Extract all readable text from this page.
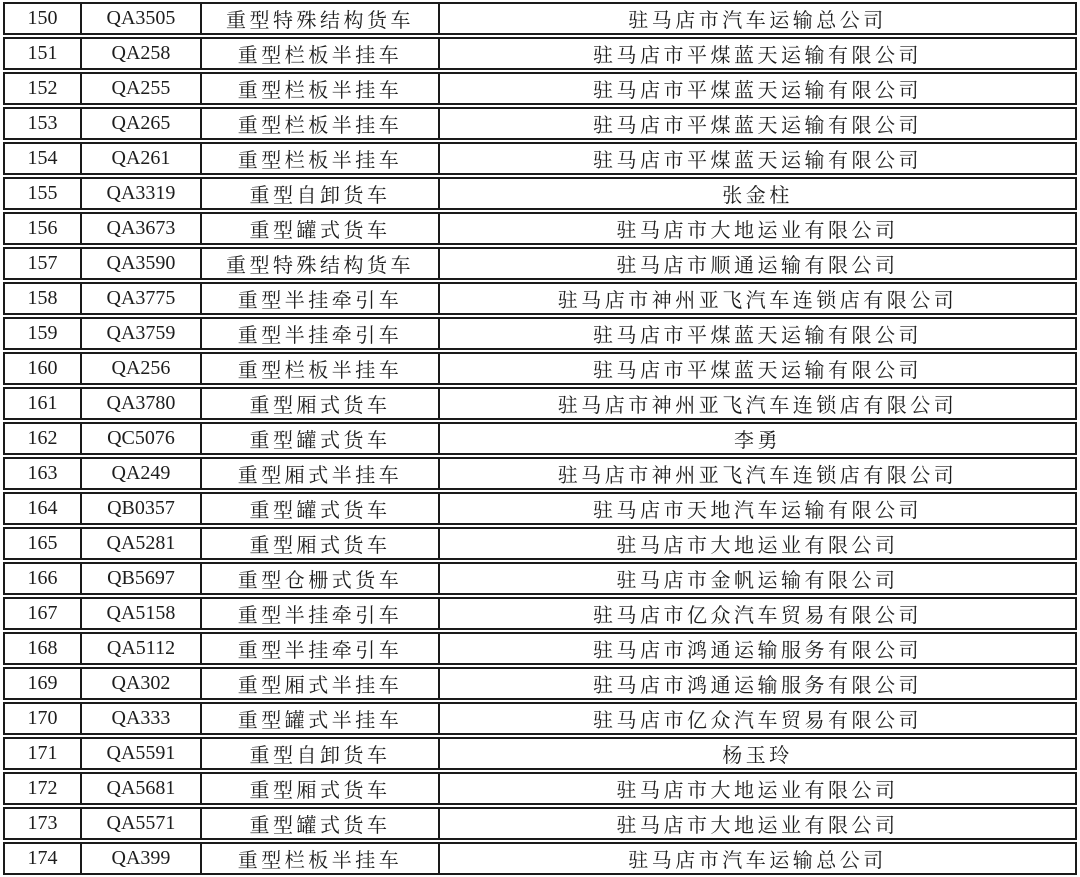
150	QA3505	重型特殊结构货车	驻马店市汽车运输总公司
151	QA258	重型栏板半挂车	驻马店市平煤蓝天运输有限公司
152	QA255	重型栏板半挂车	驻马店市平煤蓝天运输有限公司
153	QA265	重型栏板半挂车	驻马店市平煤蓝天运输有限公司
154	QA261	重型栏板半挂车	驻马店市平煤蓝天运输有限公司
155	QA3319	重型自卸货车	张金柱
156	QA3673	重型罐式货车	驻马店市大地运业有限公司
157	QA3590	重型特殊结构货车	驻马店市顺通运输有限公司
158	QA3775	重型半挂牵引车	驻马店市神州亚飞汽车连锁店有限公司
159	QA3759	重型半挂牵引车	驻马店市平煤蓝天运输有限公司
160	QA256	重型栏板半挂车	驻马店市平煤蓝天运输有限公司
161	QA3780	重型厢式货车	驻马店市神州亚飞汽车连锁店有限公司
162	QC5076	重型罐式货车	李勇
163	QA249	重型厢式半挂车	驻马店市神州亚飞汽车连锁店有限公司
164	QB0357	重型罐式货车	驻马店市天地汽车运输有限公司
165	QA5281	重型厢式货车	驻马店市大地运业有限公司
166	QB5697	重型仓栅式货车	驻马店市金帆运输有限公司
167	QA5158	重型半挂牵引车	驻马店市亿众汽车贸易有限公司
168	QA5112	重型半挂牵引车	驻马店市鸿通运输服务有限公司
169	QA302	重型厢式半挂车	驻马店市鸿通运输服务有限公司
170	QA333	重型罐式半挂车	驻马店市亿众汽车贸易有限公司
171	QA5591	重型自卸货车	杨玉玲
172	QA5681	重型厢式货车	驻马店市大地运业有限公司
173	QA5571	重型罐式货车	驻马店市大地运业有限公司
174	QA399	重型栏板半挂车	驻马店市汽车运输总公司
